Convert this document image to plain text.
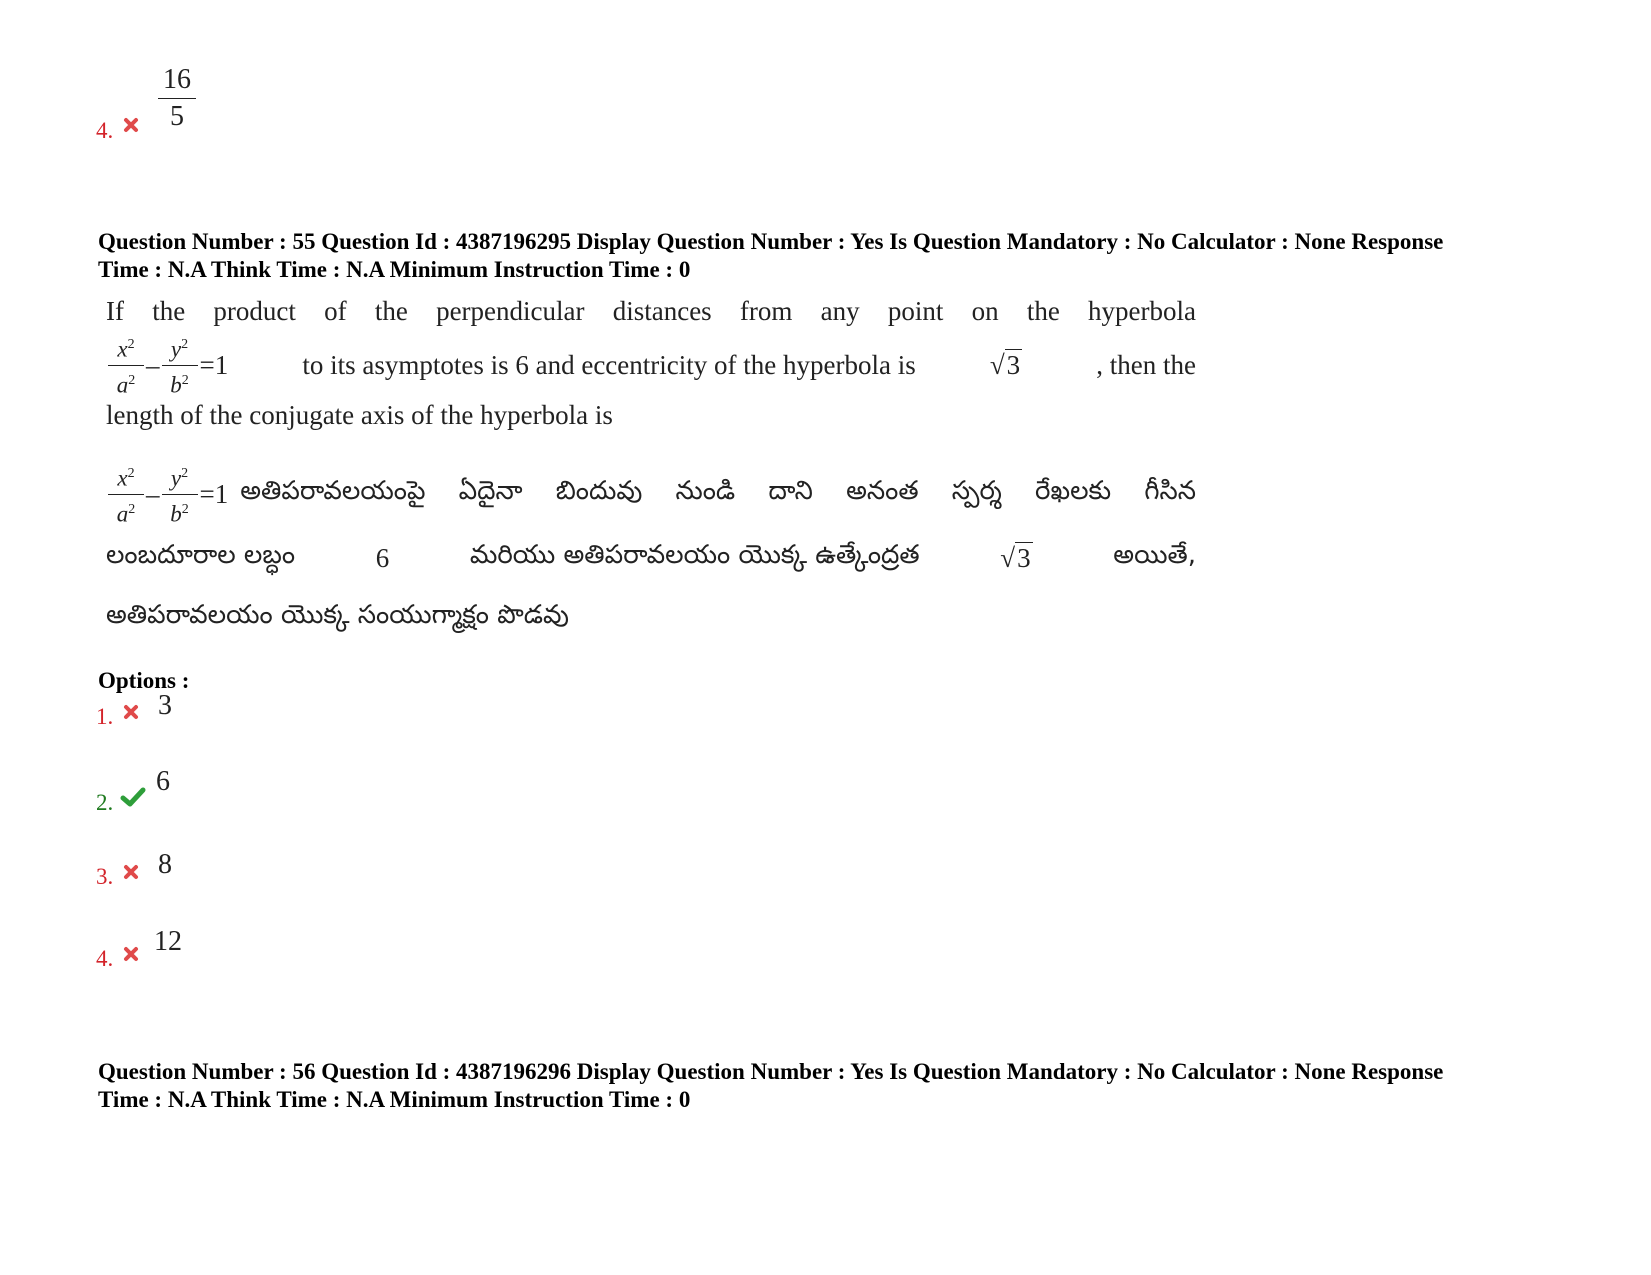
4.
16
5
Question Number : 55 Question Id : 4387196295 Display Question Number : Yes Is Question Mandatory : No Calculator : None Response
Time : N.A Think Time : N.A Minimum Instruction Time : 0
If the product of the perpendicular distances from any point on the hyperbola
$\frac{x^2}{a^2} - \frac{y^2}{b^2} =1$	to its asymptotes is 6 and eccentricity of the hyperbola is	√3	, then the
length of the conjugate axis of the hyperbola is
$\frac{x^2}{a^2} - \frac{y^2}{b^2} =1$ అతిపరావలయంపై ఏదైనా బిందువు నుండి దాని అనంత స్పర్శ రేఖలకు గీసిన
లంబదూరాల లబ్ధం	6	మరియు అతిపరావలయం యొక్క ఉత్కేంద్రత	√3	అయితే,
అతిపరావలయం యొక్క సంయుగ్మాక్షం పొడవు
Options :
1. 3
2.
6
3. 8
4.
12
Question Number : 56 Question Id : 4387196296 Display Question Number : Yes Is Question Mandatory : No Calculator : None Response
Time : N.A Think Time : N.A Minimum Instruction Time : 0
